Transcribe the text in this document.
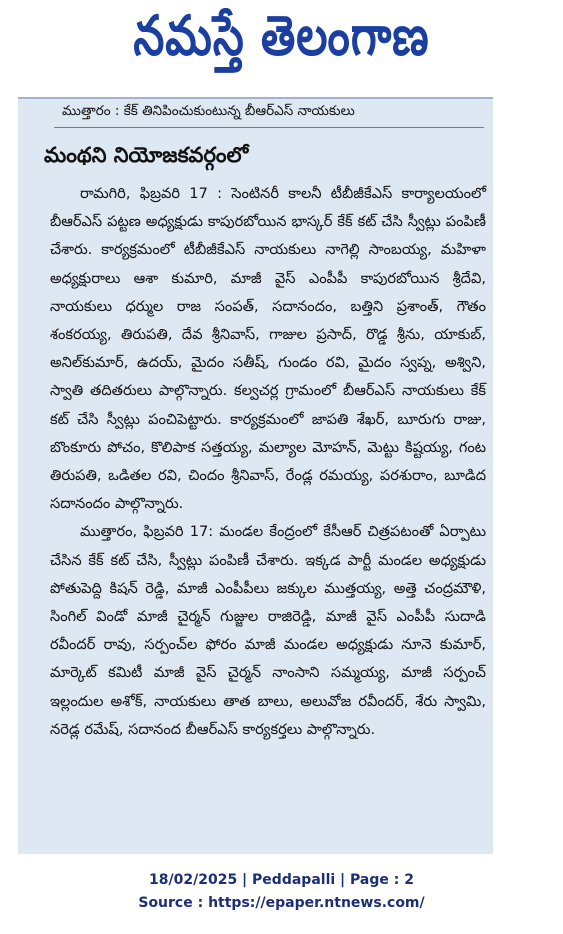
నమస్తే తెలంగాణ
ముత్తారం : కేక్ తినిపించుకుంటున్న బీఆర్ఎస్ నాయకులు
మంథని నియోజకవర్గంలో

రామగిరి, ఫిబ్రవరి 17 : సెంటినరీ కాలనీ టీబీజీకేఎస్ కార్యాలయంలో బీఆర్ఎస్ పట్టణ అధ్యక్షుడు కాపురబోయిన భాస్కర్ కేక్ కట్ చేసి స్వీట్లు పంపిణీ చేశారు. కార్యక్రమంలో టీబీజీకేఎస్ నాయకులు నాగెల్లి సాంబయ్య, మహిళా అధ్యక్షురాలు ఆశా కుమారి, మాజీ వైస్ ఎంపీపీ కాపురబోయిన శ్రీదేవి, నాయకులు ధర్ముల రాజ సంపత్, సదానందం, బత్తిని ప్రశాంత్, గౌతం శంకరయ్య, తిరుపతి, దేవ శ్రీనివాస్, గాజుల ప్రసాద్, రొడ్డ శ్రీను, యాకుబ్, అనిల్‌కుమార్, ఉదయ్, మైదం సతీష్, గుండం రవి, మైదం స్వప్న, అశ్విని, స్వాతి తదితరులు పాల్గొన్నారు. కల్వచర్ల గ్రామంలో బీఆర్ఎస్ నాయకులు కేక్ కట్ చేసి స్వీట్లు పంచిపెట్టారు. కార్యక్రమంలో జాపతి శేఖర్, బూరుగు రాజు, బొంకూరు పోచం, కొలిపాక సత్తయ్య, మల్యాల మోహన్, మెట్టు కిష్టయ్య, గంట తిరుపతి, ఒడితల రవి, చిందం శ్రీనివాస్, రేండ్ల రమయ్య, పరశురాం, బూడిద సదానందం పాల్గొన్నారు.

ముత్తారం, ఫిబ్రవరి 17: మండల కేంద్రంలో కేసీఆర్ చిత్రపటంతో ఏర్పాటు చేసిన కేక్ కట్ చేసి, స్వీట్లు పంపిణీ చేశారు. ఇక్కడ పార్టీ మండల అధ్యక్షుడు పోతుపెద్ది కిషన్ రెడ్డి, మాజీ ఎంపీపీలు జక్కుల ముత్తయ్య, అత్తె చంద్రమౌళి, సింగిల్ విండో మాజీ చైర్మన్ గుజ్జుల రాజిరెడ్డి, మాజీ వైస్ ఎంపీపీ సుదాడి రవీందర్ రావు, సర్పంచ్‌ల ఫోరం మాజీ మండల అధ్యక్షుడు నూనె కుమార్, మార్కెట్ కమిటీ మాజీ వైస్ చైర్మన్ నాంసాని సమ్మయ్య, మాజీ సర్పంచ్ ఇల్లందుల అశోక్, నాయకులు తాత బాలు, అలువోజ రవీందర్, శేరు స్వామి, నరెడ్ల రమేష్, సదానంద బీఆర్ఎస్ కార్యకర్తలు పాల్గొన్నారు.

18/02/2025 | Peddapalli | Page : 2
Source : https://epaper.ntnews.com/
